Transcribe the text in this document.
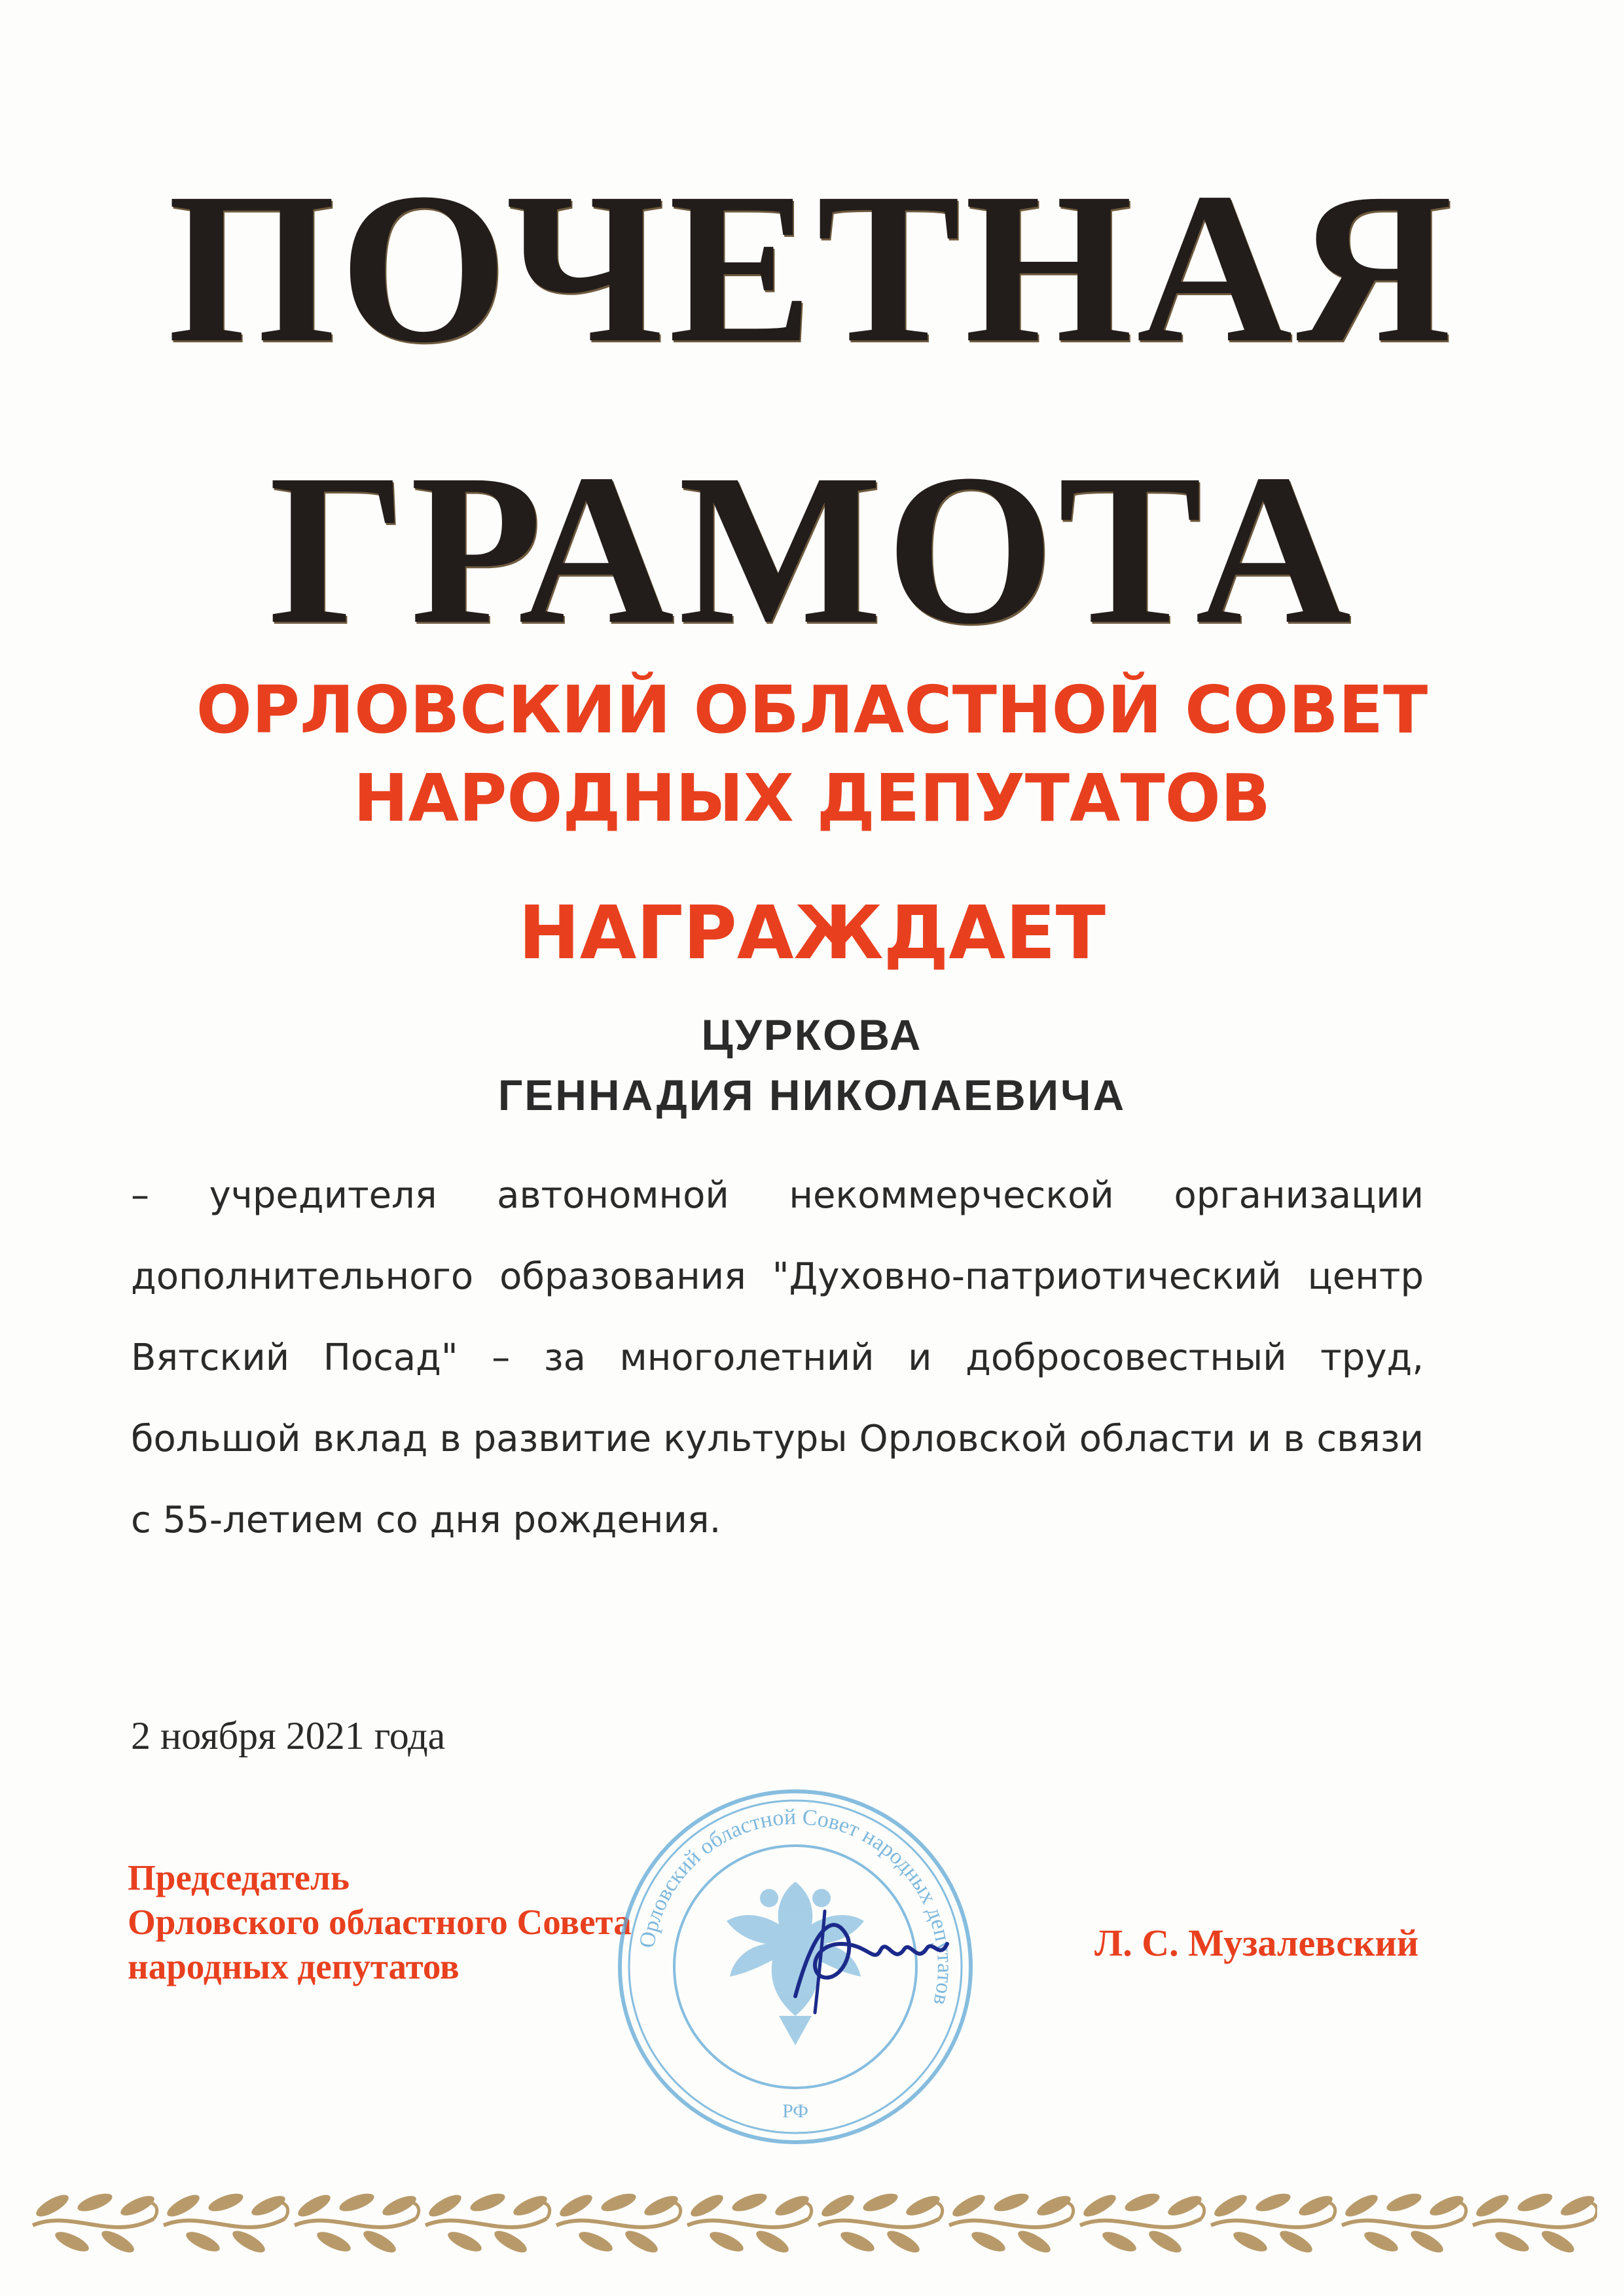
ПОЧЕТНАЯ
ГРАМОТА

ОРЛОВСКИЙ ОБЛАСТНОЙ СОВЕТ

НАРОДНЫХ ДЕПУТАТОВ

НАГРАЖДАЕТ

ЦУРКОВА

ГЕННАДИЯ НИКОЛАЕВИЧА

– учредителя автономной некоммерческой организации дополнительного образования "Духовно-патриотический центр Вятский Посад" – за многолетний и добросовестный труд, большой вклад в развитие культуры Орловской области и в связи с 55-летием со дня рождения.

2 ноября 2021 года

Председатель
Орловского областного Совета
народных депутатов

Л. С. Музалевский

Орловский областной Совет народных депутатов
РФ
